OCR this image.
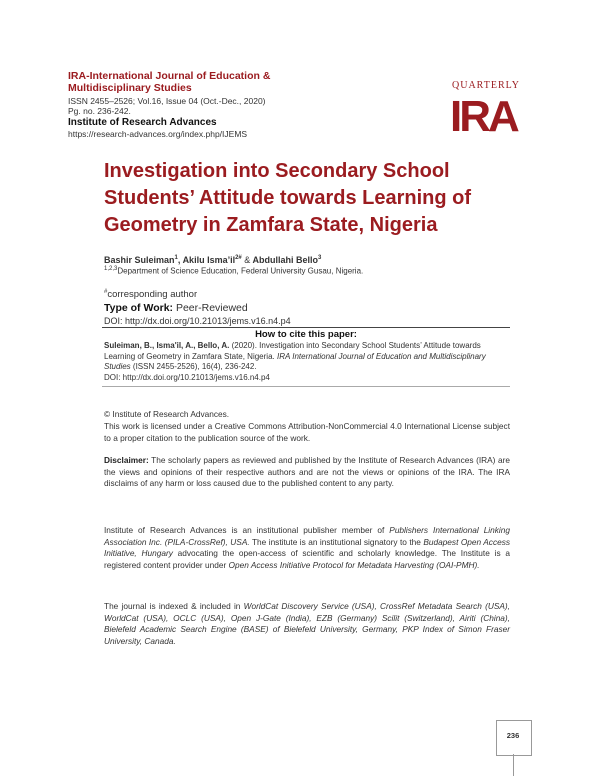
IRA-International Journal of Education & Multidisciplinary Studies
ISSN 2455–2526; Vol.16, Issue 04 (Oct.-Dec., 2020)
Pg. no. 236-242.
Institute of Research Advances
https://research-advances.org/index.php/IJEMS
QUARTERLY
IRA
Investigation into Secondary School Students’ Attitude towards Learning of Geometry in Zamfara State, Nigeria
Bashir Suleiman$^1$, Akilu $Isma’il^{2\#}$ & Abdullahi Bello$^3$
$^{1,2,3}$Department of Science Education, Federal University Gusau, Nigeria.
#corresponding author
Type of Work: Peer-Reviewed
DOI: http://dx.doi.org/10.21013/jems.v16.n4.p4
How to cite this paper:
Suleiman, B., Isma'il, A., Bello, A. (2020). Investigation into Secondary School Students’ Attitude towards Learning of Geometry in Zamfara State, Nigeria. IRA International Journal of Education and Multidisciplinary Studies (ISSN 2455-2526), 16(4), 236-242.
DOI: http://dx.doi.org/10.21013/jems.v16.n4.p4
© Institute of Research Advances.
This work is licensed under a Creative Commons Attribution-NonCommercial 4.0 International License subject to a proper citation to the publication source of the work.
Disclaimer: The scholarly papers as reviewed and published by the Institute of Research Advances (IRA) are the views and opinions of their respective authors and are not the views or opinions of the IRA. The IRA disclaims of any harm or loss caused due to the published content to any party.
Institute of Research Advances is an institutional publisher member of Publishers International Linking Association Inc. (PILA-CrossRef), USA. The institute is an institutional signatory to the Budapest Open Access Initiative, Hungary advocating the open-access of scientific and scholarly knowledge. The Institute is a registered content provider under Open Access Initiative Protocol for Metadata Harvesting (OAI-PMH).
The journal is indexed & included in WorldCat Discovery Service (USA), CrossRef Metadata Search (USA), WorldCat (USA), OCLC (USA), Open J-Gate (India), EZB (Germany) Scilit (Switzerland), Airiti (China), Bielefeld Academic Search Engine (BASE) of Bielefeld University, Germany, PKP Index of Simon Fraser University, Canada.
236
